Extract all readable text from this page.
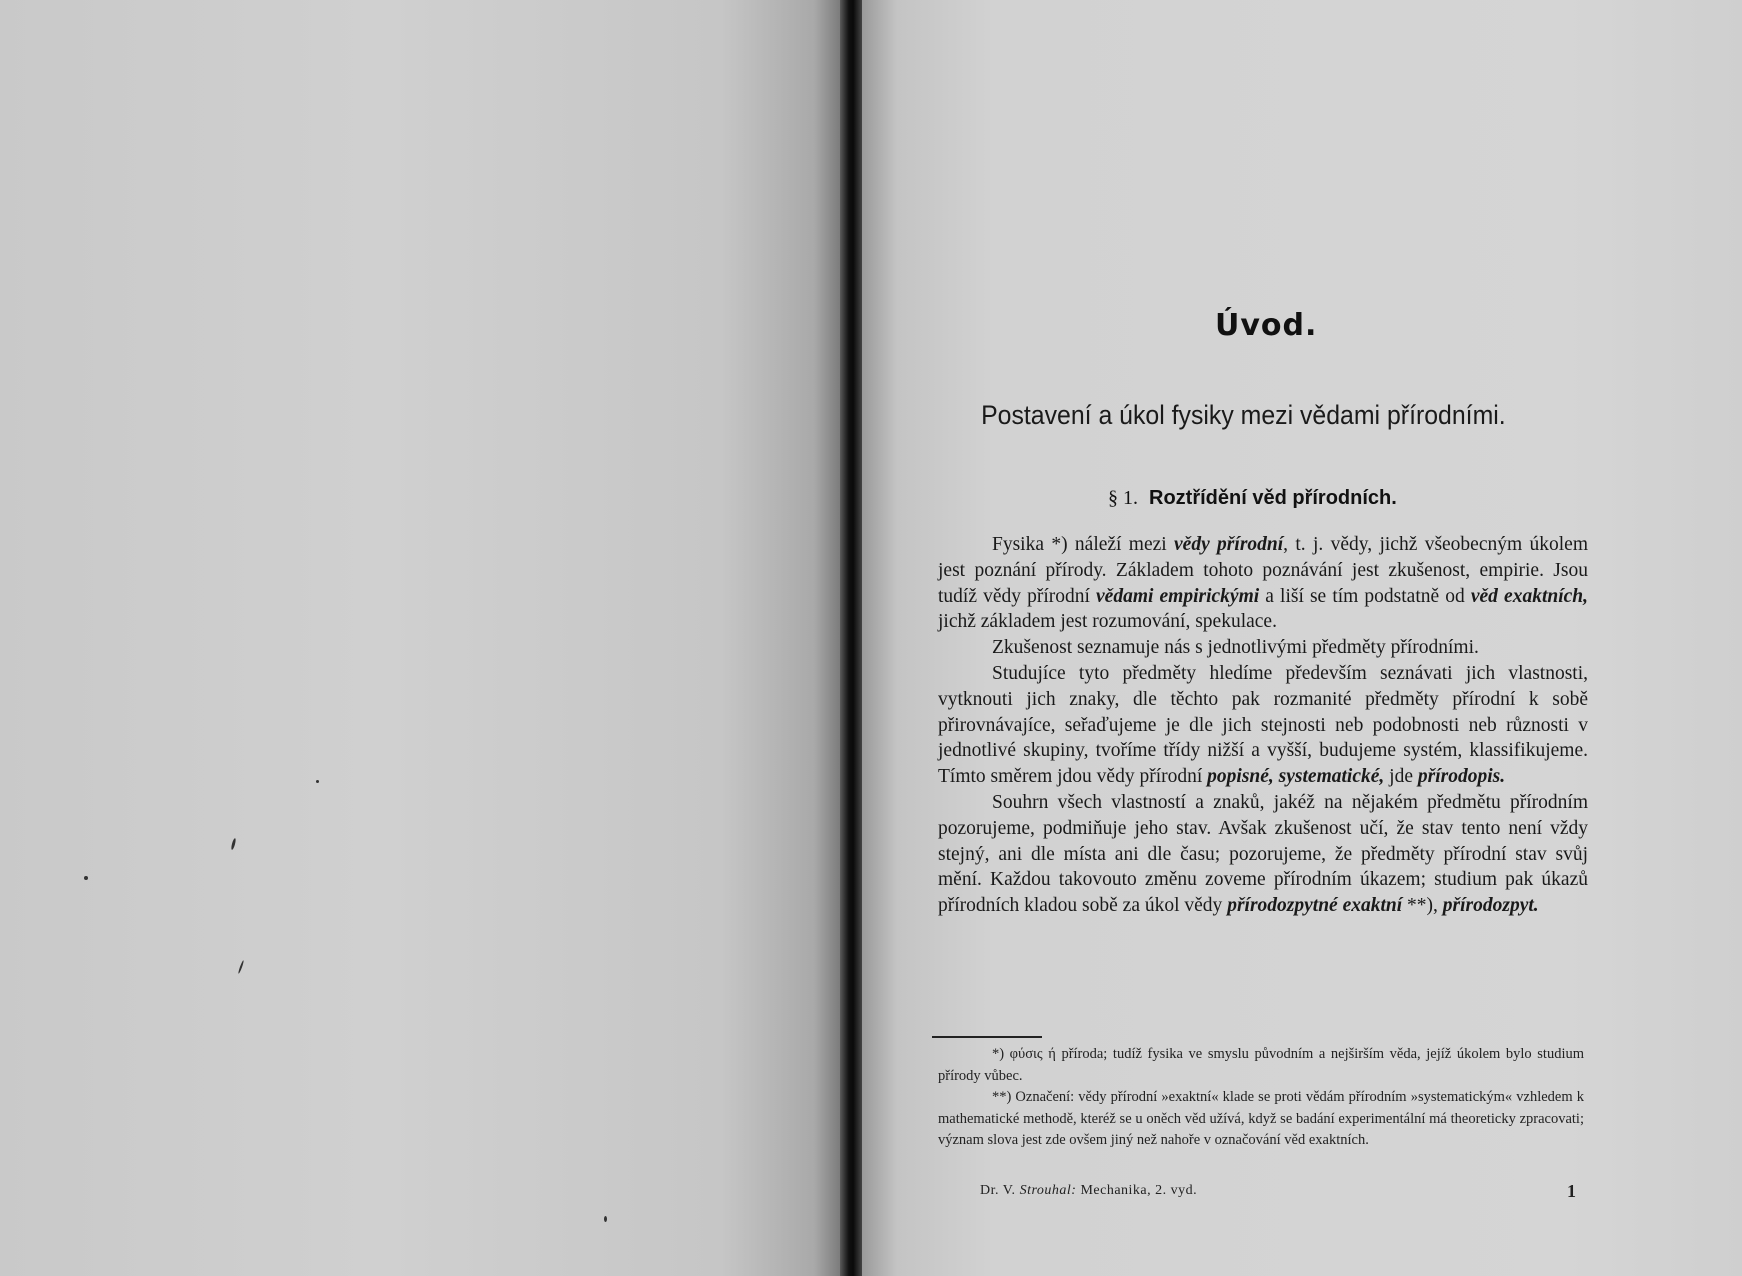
Úvod.
Postavení a úkol fysiky mezi vědami přírodními.
§ 1. Roztřídění věd přírodních.

Fysika *) náleží mezi vědy přírodní, t. j. vědy, jichž všeobecným úkolem jest poznání přírody. Základem tohoto poznávání jest zkušenost, empirie. Jsou tudíž vědy přírodní vědami empirickými a liší se tím podstatně od věd exaktních, jichž základem jest rozumování, spekulace.

Zkušenost seznamuje nás s jednotlivými předměty přírodními.

Studujíce tyto předměty hledíme především seznávati jich vlastnosti, vytknouti jich znaky, dle těchto pak rozmanité předměty přírodní k sobě přirovnávajíce, seřaďujeme je dle jich stejnosti neb podobnosti neb různosti v jednotlivé skupiny, tvoříme třídy nižší a vyšší, budujeme systém, klassifikujeme. Tímto směrem jdou vědy přírodní popisné, systematické, jde přírodopis.

Souhrn všech vlastností a znaků, jakéž na nějakém předmětu přírodním pozorujeme, podmiňuje jeho stav. Avšak zkušenost učí, že stav tento není vždy stejný, ani dle místa ani dle času; pozorujeme, že předměty přírodní stav svůj mění. Každou takovouto změnu zoveme přírodním úkazem; studium pak úkazů přírodních kladou sobě za úkol vědy přírodozpytné exaktní **), přírodozpyt.

*) φύσις ή příroda; tudíž fysika ve smyslu původním a nejširším věda, jejíž úkolem bylo studium přírody vůbec.

**) Označení: vědy přírodní »exaktní« klade se proti vědám přírodním »systematickým« vzhledem k mathematické methodě, kteréž se u oněch věd užívá, když se badání experimentální má theoreticky zpracovati; význam slova jest zde ovšem jiný než nahoře v označování věd exaktních.

Dr. V. Strouhal: Mechanika, 2. vyd.	1
